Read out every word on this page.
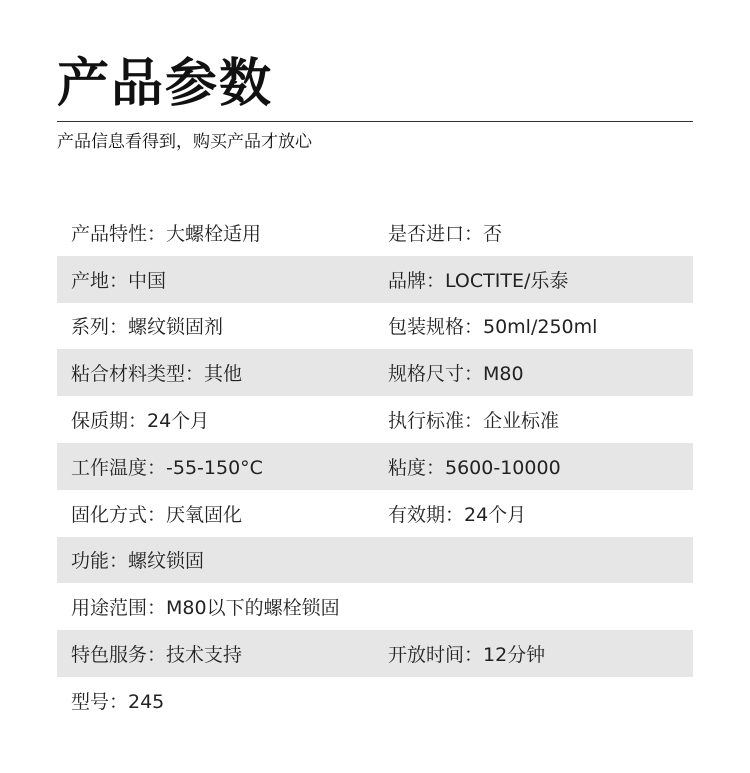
产品参数

产品信息看得到，购买产品才放心

产品特性：大螺栓适用	是否进口：否
产地：中国	品牌：LOCTITE/乐泰
系列：螺纹锁固剂	包装规格：50ml/250ml
粘合材料类型：其他	规格尺寸：M80
保质期：24个月	执行标准：企业标准
工作温度：-55-150°C	粘度：5600-10000
固化方式：厌氧固化	有效期：24个月
功能：螺纹锁固
用途范围：M80以下的螺栓锁固
特色服务：技术支持	开放时间：12分钟
型号：245
